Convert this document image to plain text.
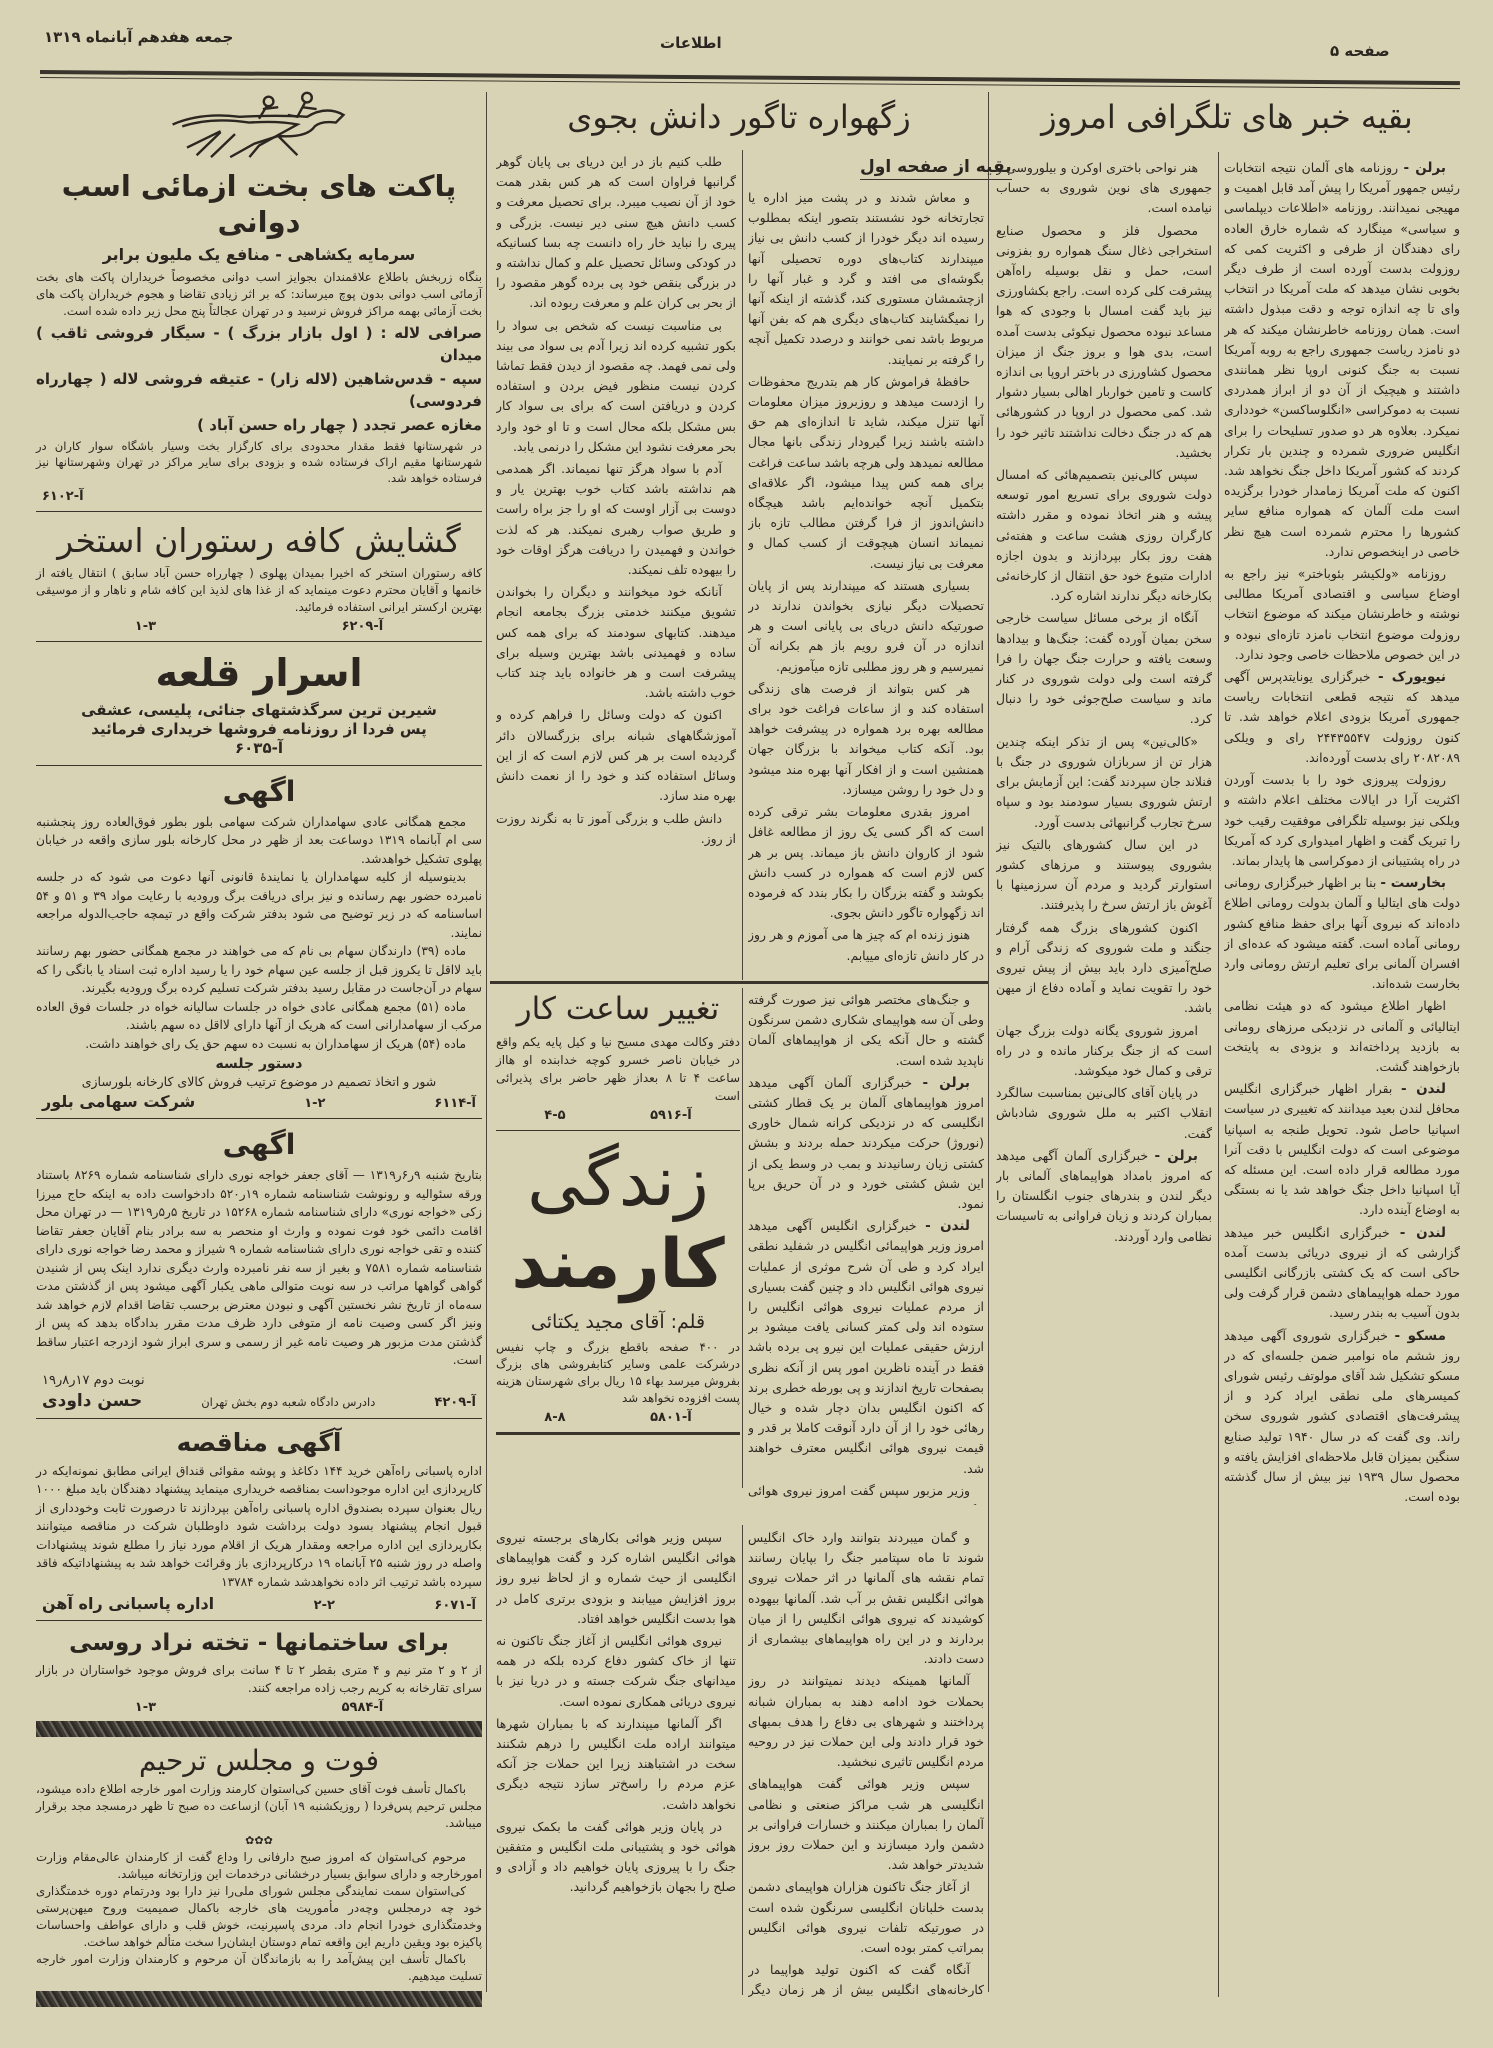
جمعه هفدهم آبانماه ۱۳۱۹	اطلاعات	صفحه ۵
پاکت های بخت ازمائی اسب دوانی
سرمایه یکشاهی - منافع یک ملیون برابر
بنگاه زربخش باطلاع علاقمندان بجوایز اسب دوانی مخصوصاً خریداران پاکت های بخت آزمائی اسب دوانی بدون پوچ میرساند: که بر اثر زیادی تقاضا و هجوم خریداران پاکت های بخت آزمائی بهمه مراکز فروش نرسید و در تهران عجالتاً پنج محل زیر داده شده است.
صرافی لاله : ( اول بازار بزرگ ) - سیگار فروشی ثاقب ) میدان
سپه - قدس‌شاهین (لاله زار) - عتیقه فروشی لاله ( چهارراه فردوسی)
مغازه عصر تجدد ( چهار راه حسن آباد )
در شهرستانها فقط مقدار محدودی برای کارگزار بخت وسیار باشگاه سوار کاران در شهرستانها مقیم اراک فرستاده شده و بزودی برای سایر مراکز در تهران وشهرستانها نیز فرستاده خواهد شد.
آ-۶۱۰۲
گشایش کافه رستوران استخر
کافه رستوران استخر که اخیرا بمیدان پهلوی ( چهارراه حسن آباد سابق ) انتقال یافته از خانمها و آقایان محترم دعوت مینماید که از غذا های لذیذ این کافه شام و ناهار و از موسیقی بهترین ارکستر ایرانی استفاده فرمائید.
آ-۶۲۰۹
۱-۳
اسرار قلعه
شیرین ترین سرگذشتهای جنائی، پلیسی، عشقی
پس فردا از روزنامه فروشها خریداری فرمائید
آ-۶۰۳۵
اگهی

مجمع همگانی عادی سهامداران شرکت سهامی بلور بطور فوق‌العاده روز پنجشنبه سی ام آبانماه ۱۳۱۹ دوساعت بعد از ظهر در محل کارخانه بلور سازی واقعه در خیابان پهلوی تشکیل خواهدشد.

بدینوسیله از کلیه سهامداران یا نمایندهٔ قانونی آنها دعوت می شود که در جلسه نامبرده حضور بهم رسانده و نیز برای دریافت برگ ورودیه با رعایت مواد ۳۹ و ۵۱ و ۵۴ اساسنامه که در زیر توضیح می شود بدفتر شرکت واقع در تیمچه حاجب‌الدوله مراجعه نمایند.

ماده (۳۹) دارندگان سهام بی نام که می خواهند در مجمع همگانی حضور بهم رسانند باید لااقل تا یکروز قبل از جلسه عین سهام خود را یا رسید اداره ثبت اسناد یا بانگی را که سهام در آن‌جاست در مقابل رسید بدفتر شرکت تسلیم کرده برگ ورودیه بگیرند.

ماده (۵۱) مجمع همگانی عادی خواه در جلسات سالیانه خواه در جلسات فوق العاده مرکب از سهامدارانی است که هریک از آنها دارای لااقل ده سهم باشند.

ماده (۵۴) هریک از سهامداران به نسبت ده سهم حق یک رای خواهند داشت.

دستور جلسه
شور و اتخاذ تصمیم در موضوع ترتیب فروش کالای کارخانه بلورسازی
آ-۶۱۱۴
۱-۲
شرکت سهامی بلور
اگهی
بتاریخ شنبه ۹ر۶ر۱۳۱۹ — آقای جعفر خواجه نوری دارای شناسنامه شماره ۸۲۶۹ باستناد ورقه سئوالیه و رونوشت شناسنامه شماره ۱۹ر۵۲۰ دادخواست داده به اینکه حاج میرزا زکی «خواجه نوری» دارای شناسنامه شماره ۱۵۲۶۸ در تاریخ ۵ر۵ر۱۳۱۹ — در تهران محل اقامت دائمی خود فوت نموده و وارث او منحصر به سه برادر بنام آقایان جعفر تقاضا کننده و تقی خواجه نوری دارای شناسنامه شماره ۹ شیراز و محمد رضا خواجه نوری دارای شناسنامه شماره ۷۵۸۱ و بغیر از سه نفر نامبرده وارث دیگری ندارد اینک پس از شنیدن گواهی گواهها مراتب در سه نوبت متوالی ماهی یکبار آگهی میشود پس از گذشتن مدت سه‌ماه از تاریخ نشر نخستین آگهی و نبودن معترض برحسب تقاضا اقدام لازم خواهد شد ونیز اگر کسی وصیت نامه از متوفی دارد ظرف مدت مقرر بدادگاه بدهد که پس از گذشتن مدت مزبور هر وصیت نامه غیر از رسمی و سری ابراز شود ازدرجه اعتبار ساقط است.
نوبت دوم ۱۷ر۸ر۱۹
آ-۴۲۰۹
دادرس دادگاه شعبه دوم بخش تهران
حسن داودی
آگهی مناقصه
اداره پاسبانی راه‌آهن خرید ۱۴۴ دکاغذ و پوشه مقوائی قنداق ایرانی مطابق نمونه‌ایکه در کارپردازی این اداره موجوداست بمناقصه خریداری مینماید پیشنهاد دهندگان باید مبلغ ۱۰۰۰ ریال بعنوان سپرده بصندوق اداره پاسبانی راه‌آهن بپردازند تا درصورت ثابت وخودداری از قبول انجام پیشنهاد بسود دولت برداشت شود داوطلبان شرکت در مناقصه میتوانند بکارپردازی این اداره مراجعه ومقدار هریک از اقلام مورد نیاز را مطلع شوند پیشنهادات واصله در روز شنبه ۲۵ آبانماه ۱۹ درکارپردازی باز وقرائت خواهد شد به پیشنهاداتیکه فاقد سپرده باشد ترتیب اثر داده نخواهدشد شماره ۱۳۷۸۴
آ-۶۰۷۱
۲-۲
اداره پاسبانی راه آهن
برای ساختمانها - تخته نراد روسی
از ۲ و ۲ متر نیم و ۴ متری بقطر ۲ تا ۴ سانت برای فروش موجود خواستاران در بازار سرای تقارخانه به کریم رجب زاده مراجعه کنند.
آ-۵۹۸۴
۱-۳
فوت و مجلس ترحیم

باکمال تأسف فوت آقای حسین کی‌استوان کارمند وزارت امور خارجه اطلاع داده میشود، مجلس ترحیم پس‌فردا ( روزیکشنبه ۱۹ آبان) ازساعت ده صبح تا ظهر درمسجد مجد برقرار میباشد.

✿✿✿

مرحوم کی‌استوان که امروز صبح دارفانی را وداع گفت از کارمندان عالی‌مقام وزارت امورخارجه و دارای سوابق بسیار درخشانی درخدمات این وزارتخانه میباشد.

کی‌استوان سمت نمایندگی مجلس شورای ملی‌را نیز دارا بود ودرتمام دوره خدمتگذاری خود چه درمجلس وچه‌در مأموریت های خارجه باکمال صمیمیت وروح میهن‌پرستی وخدمتگذاری خودرا انجام داد. مردی پاسپرنیت، خوش قلب و دارای عواطف واحساسات پاکیزه بود ویقین داریم این واقعه تمام دوستان ایشان‌را سخت متألم خواهد ساخت.

باکمال تأسف این پیش‌آمد را به بازماندگان آن مرحوم و کارمندان وزارت امور خارجه تسلیت میدهیم.

زگهواره تاگور دانش بجوی
بقیه از صفحه اول

و معاش شدند و در پشت میز اداره یا تجارتخانه خود نشستند بتصور اینکه بمطلوب رسیده اند دیگر خودرا از کسب دانش بی نیاز میپندارند کتاب‌های دوره تحصیلی آنها بگوشه‌ای می افتد و گرد و غبار آنها را ازچشمشان مستوری کند، گذشته از اینکه آنها را نمیگشایند کتاب‌های دیگری هم که بفن آنها مربوط باشد نمی خوانند و درصدد تکمیل آنچه را گرفته بر نمیایند.

حافظهٔ فراموش کار هم بتدریج محفوظات را ازدست میدهد و روزبروز میزان معلومات آنها تنزل میکند، شاید تا اندازه‌ای هم حق داشته باشند زیرا گیرودار زندگی بانها مجال مطالعه نمیدهد ولی هرچه باشد ساعت فراغت برای همه کس پیدا میشود، اگر علاقه‌ای بتکمیل آنچه خوانده‌ایم باشد هیچگاه دانش‌اندوز از فرا گرفتن مطالب تازه باز نمیماند انسان هیچوقت از کسب کمال و معرفت بی نیاز نیست.

بسیاری هستند که میپندارند پس از پایان تحصیلات دیگر نیازی بخواندن ندارند در صورتیکه دانش دریای بی پایانی است و هر اندازه در آن فرو رویم باز هم بکرانه آن نمیرسیم و هر روز مطلبی تازه میآموزیم.

هر کس بتواند از فرصت های زندگی استفاده کند و از ساعات فراغت خود برای مطالعه بهره برد همواره در پیشرفت خواهد بود. آنکه کتاب میخواند با بزرگان جهان همنشین است و از افکار آنها بهره مند میشود و دل خود را روشن میسازد.

امروز بقدری معلومات بشر ترقی کرده است که اگر کسی یک روز از مطالعه غافل شود از کاروان دانش باز میماند. پس بر هر کس لازم است که همواره در کسب دانش بکوشد و گفته بزرگان را بکار بندد که فرموده اند زگهواره تاگور دانش بجوی.

هنوز زنده ام که چیز ها می آموزم و هر روز در کار دانش تازه‌ای مییابم.

طلب کنیم باز در این دریای بی پایان گوهر گرانبها فراوان است که هر کس بقدر همت خود از آن نصیب میبرد. برای تحصیل معرفت و کسب دانش هیچ سنی دیر نیست. بزرگی و پیری را نباید خار راه دانست چه بسا کسانیکه در کودکی وسائل تحصیل علم و کمال نداشته و در بزرگی بنقص خود پی برده گوهر مقصود را از بحر بی کران علم و معرفت ربوده اند.

بی مناسبت نیست که شخص بی سواد را بکور تشبیه کرده اند زیرا آدم بی سواد می بیند ولی نمی فهمد. چه مقصود از دیدن فقط تماشا کردن نیست منظور فیض بردن و استفاده کردن و دریافتن است که برای بی سواد کار بس مشکل بلکه محال است و تا او خود وارد بحر معرفت نشود این مشکل را درنمی یابد.

آدم با سواد هرگز تنها نمیماند. اگر همدمی هم نداشته باشد کتاب خوب بهترین یار و دوست بی آزار اوست که او را جز براه راست و طریق صواب رهبری نمیکند. هر که لذت خواندن و فهمیدن را دریافت هرگز اوقات خود را بیهوده تلف نمیکند.

آنانکه خود میخوانند و دیگران را بخواندن تشویق میکنند خدمتی بزرگ بجامعه انجام میدهند. کتابهای سودمند که برای همه کس ساده و فهمیدنی باشد بهترین وسیله برای پیشرفت است و هر خانواده باید چند کتاب خوب داشته باشد.

اکنون که دولت وسائل را فراهم کرده و آموزشگاههای شبانه برای بزرگسالان دائر گردیده است بر هر کس لازم است که از این وسائل استفاده کند و خود را از نعمت دانش بهره مند سازد.

دانش طلب و بزرگی آموز تا به نگرند روزت از روز.

و جنگ‌های مختصر هوائی نیز صورت گرفته وطی آن سه هواپیمای شکاری دشمن سرنگون گشته و حال آنکه یکی از هواپیماهای آلمان ناپدید شده است.

برلن - خبرگزاری آلمان آگهی میدهد امروز هواپیماهای آلمان بر یک قطار کشتی انگلیسی که در نزدیکی کرانه شمال خاوری (نوروژ) حرکت میکردند حمله بردند و بشش کشتی زیان رسانیدند و بمب در وسط یکی از این شش کشتی خورد و در آن حریق برپا نمود.

لندن - خبرگزاری انگلیس آگهی میدهد امروز وزیر هواپیمائی انگلیس در شفلید نطقی ایراد کرد و طی آن شرح موثری از عملیات نیروی هوائی انگلیس داد و چنین گفت بسیاری از مردم عملیات نیروی هوائی انگلیس را ستوده اند ولی کمتر کسانی یافت میشود بر ارزش حقیقی عملیات این نیرو پی برده باشد فقط در آینده ناظرین امور پس از آنکه نظری بصفحات تاریخ اندازند و پی بورطه خطری برند که اکنون انگلیس بدان دچار شده و خیال رهائی خود را از آن دارد آنوقت کاملا بر قدر و قیمت نیروی هوائی انگلیس معترف خواهند شد.

وزیر مزبور سپس گفت امروز نیروی هوائی

تغییر ساعت کار
دفتر وکالت مهدی مسیح نیا و کیل پایه یکم واقع در خیابان ناصر خسرو کوچه خدابنده او هااز ساعت ۴ تا ۸ بعداز ظهر حاضر برای پذیرائی است
آ-۵۹۱۶
۴-۵
زندگی
کارمند
قلم: آقای مجید یکتائی
در ۴۰۰ صفحه باقطع بزرگ و چاپ نفیس درشرکت علمی وسایر کتابفروشی های بزرگ بفروش میرسد بهاء ۱۵ ریال برای شهرستان هزینه پست افزوده نخواهد شد
آ-۵۸۰۱
۸-۸

و گمان میبردند بتوانند وارد خاک انگلیس شوند تا ماه سپتامبر جنگ را بپایان رسانند تمام نقشه های آلمانها در اثر حملات نیروی هوائی انگلیس نقش بر آب شد. آلمانها بیهوده کوشیدند که نیروی هوائی انگلیس را از میان بردارند و در این راه هواپیماهای بیشماری از دست دادند.

آلمانها همینکه دیدند نمیتوانند در روز بحملات خود ادامه دهند به بمباران شبانه پرداختند و شهرهای بی دفاع را هدف بمبهای خود قرار دادند ولی این حملات نیز در روحیه مردم انگلیس تاثیری نبخشید.

سپس وزیر هوائی گفت هواپیماهای انگلیسی هر شب مراکز صنعتی و نظامی آلمان را بمباران میکنند و خسارات فراوانی بر دشمن وارد میسازند و این حملات روز بروز شدیدتر خواهد شد.

از آغاز جنگ تاکنون هزاران هواپیمای دشمن بدست خلبانان انگلیسی سرنگون شده است در صورتیکه تلفات نیروی هوائی انگلیس بمراتب کمتر بوده است.

آنگاه گفت که اکنون تولید هواپیما در کارخانه‌های انگلیس بیش از هر زمان دیگر

سپس وزیر هوائی بکارهای برجسته نیروی هوائی انگلیس اشاره کرد و گفت هواپیماهای انگلیسی از حیث شماره و از لحاظ نیرو روز بروز افزایش مییابند و بزودی برتری کامل در هوا بدست انگلیس خواهد افتاد.

نیروی هوائی انگلیس از آغاز جنگ تاکنون نه تنها از خاک کشور دفاع کرده بلکه در همه میدانهای جنگ شرکت جسته و در دریا نیز با نیروی دریائی همکاری نموده است.

اگر آلمانها میپندارند که با بمباران شهرها میتوانند اراده ملت انگلیس را درهم شکنند سخت در اشتباهند زیرا این حملات جز آنکه عزم مردم را راسخ‌تر سازد نتیجه دیگری نخواهد داشت.

در پایان وزیر هوائی گفت ما بکمک نیروی هوائی خود و پشتیبانی ملت انگلیس و متفقین جنگ را با پیروزی پایان خواهیم داد و آزادی و صلح را بجهان بازخواهیم گردانید.

بقیه خبر های تلگرافی امروز

برلن - روزنامه های آلمان نتیجه انتخابات رئیس جمهور آمریکا را پیش آمد قابل اهمیت و مهیجی نمیدانند. روزنامه «اطلاعات دیپلماسی و سیاسی» مینگارد که شماره خارق العاده رای دهندگان از طرفی و اکثریت کمی که روزولت بدست آورده است از طرف دیگر بخوبی نشان میدهد که ملت آمریکا در انتخاب وای تا چه اندازه توجه و دقت مبذول داشته است. همان روزنامه خاطرنشان میکند که هر دو نامزد ریاست جمهوری راجع به روبه آمریکا نسبت به جنگ کنونی اروپا نظر همانندی داشتند و هیچیک از آن دو از ابراز همدردی نسبت به دموکراسی «انگلوساکسن» خودداری نمیکرد. بعلاوه هر دو صدور تسلیحات را برای انگلیس ضروری شمرده و چندین بار تکرار کردند که کشور آمریکا داخل جنگ نخواهد شد. اکنون که ملت آمریکا زمامدار خودرا برگزیده است ملت آلمان که همواره منافع سایر کشورها را محترم شمرده است هیچ نظر خاصی در اینخصوص ندارد.

روزنامه «ولکیشر بئوباختر» نیز راجع به اوضاع سیاسی و اقتصادی آمریکا مطالبی نوشته و خاطرنشان میکند که موضوع انتخاب روزولت موضوع انتخاب نامزد تازه‌ای نبوده و در این خصوص ملاحظات خاصی وجود ندارد.

نیویورک - خبرگزاری یونایتدپرس آگهی میدهد که نتیجه قطعی انتخابات ریاست جمهوری آمریکا بزودی اعلام خواهد شد. تا کنون روزولت ۲۴۴۳۵۵۴۷ رای و ویلکی ۲۰۸۲۰۸۹ رای بدست آورده‌اند.

روزولت پیروزی خود را با بدست آوردن اکثریت آرا در ایالات مختلف اعلام داشته و ویلکی نیز بوسیله تلگرافی موفقیت رقیب خود را تبریک گفت و اظهار امیدواری کرد که آمریکا در راه پشتیبانی از دموکراسی ها پایدار بماند.

بخارست - بنا بر اظهار خبرگزاری رومانی دولت های ایتالیا و آلمان بدولت رومانی اطلاع داده‌اند که نیروی آنها برای حفظ منافع کشور رومانی آماده است. گفته میشود که عده‌ای از افسران آلمانی برای تعلیم ارتش رومانی وارد بخارست شده‌اند.

اظهار اطلاع میشود که دو هیئت نظامی ایتالیائی و آلمانی در نزدیکی مرزهای رومانی به بازدید پرداخته‌اند و بزودی به پایتخت بازخواهند گشت.

لندن - بقرار اظهار خبرگزاری انگلیس محافل لندن بعید میدانند که تغییری در سیاست اسپانیا حاصل شود. تحویل طنجه به اسپانیا موضوعی است که دولت انگلیس با دقت آنرا مورد مطالعه قرار داده است. این مسئله که آیا اسپانیا داخل جنگ خواهد شد یا نه بستگی به اوضاع آینده دارد.

لندن - خبرگزاری انگلیس خبر میدهد گزارشی که از نیروی دریائی بدست آمده حاکی است که یک کشتی بازرگانی انگلیسی مورد حمله هواپیماهای دشمن قرار گرفت ولی بدون آسیب به بندر رسید.

مسکو - خبرگزاری شوروی آگهی میدهد روز ششم ماه نوامبر ضمن جلسه‌ای که در مسکو تشکیل شد آقای مولوتف رئیس شورای کمیسرهای ملی نطقی ایراد کرد و از پیشرفت‌های اقتصادی کشور شوروی سخن راند. وی گفت که در سال ۱۹۴۰ تولید صنایع سنگین بمیزان قابل ملاحظه‌ای افزایش یافته و محصول سال ۱۹۳۹ نیز بیش از سال گذشته بوده است.

هنر نواحی باختری اوکرن و بیلوروسی و جمهوری های نوین شوروی به حساب نیامده است.

محصول فلز و محصول صنایع استخراجی ذغال سنگ همواره رو بفزونی است، حمل و نقل بوسیله راه‌آهن پیشرفت کلی کرده است. راجع بکشاورزی نیز باید گفت امسال با وجودی که هوا مساعد نبوده محصول نیکوئی بدست آمده است، بدی هوا و بروز جنگ از میزان محصول کشاورزی در باختر اروپا بی اندازه کاست و تامین خواربار اهالی بسیار دشوار شد. کمی محصول در اروپا در کشورهائی هم که در جنگ دخالت نداشتند تاثیر خود را بخشید.

سپس کالی‌نین بتصمیم‌هائی که امسال دولت شوروی برای تسریع امور توسعه پیشه و هنر اتخاذ نموده و مقرر داشته کارگران روزی هشت ساعت و هفته‌ئی هفت روز بکار بپردازند و بدون اجازه ادارات متبوع خود حق انتقال از کارخانه‌ئی بکارخانه دیگر ندارند اشاره کرد.

آنگاه از برخی مسائل سیاست خارجی سخن بمیان آورده گفت: جنگ‌ها و بیدادها وسعت یافته و حرارت جنگ جهان را فرا گرفته است ولی دولت شوروی در کنار ماند و سیاست صلح‌جوئی خود را دنبال کرد.

«کالی‌نین» پس از تذکر اینکه چندین هزار تن از سربازان شوروی در جنگ با فنلاند جان سپردند گفت: این آزمایش برای ارتش شوروی بسیار سودمند بود و سپاه سرخ تجارب گرانبهائی بدست آورد.

در این سال کشورهای بالتیک نیز بشوروی پیوستند و مرزهای کشور استوارتر گردید و مردم آن سرزمینها با آغوش باز ارتش سرخ را پذیرفتند.

اکنون کشورهای بزرگ همه گرفتار جنگند و ملت شوروی که زندگی آرام و صلح‌آمیزی دارد باید بیش از پیش نیروی خود را تقویت نماید و آماده دفاع از میهن باشد.

امروز شوروی یگانه دولت بزرگ جهان است که از جنگ برکنار مانده و در راه ترقی و کمال خود میکوشد.

در پایان آقای کالی‌نین بمناسبت سالگرد انقلاب اکتبر به ملل شوروی شادباش گفت.

برلن - خبرگزاری آلمان آگهی میدهد که امروز بامداد هواپیماهای آلمانی بار دیگر لندن و بندرهای جنوب انگلستان را بمباران کردند و زیان فراوانی به تاسیسات نظامی وارد آوردند.
